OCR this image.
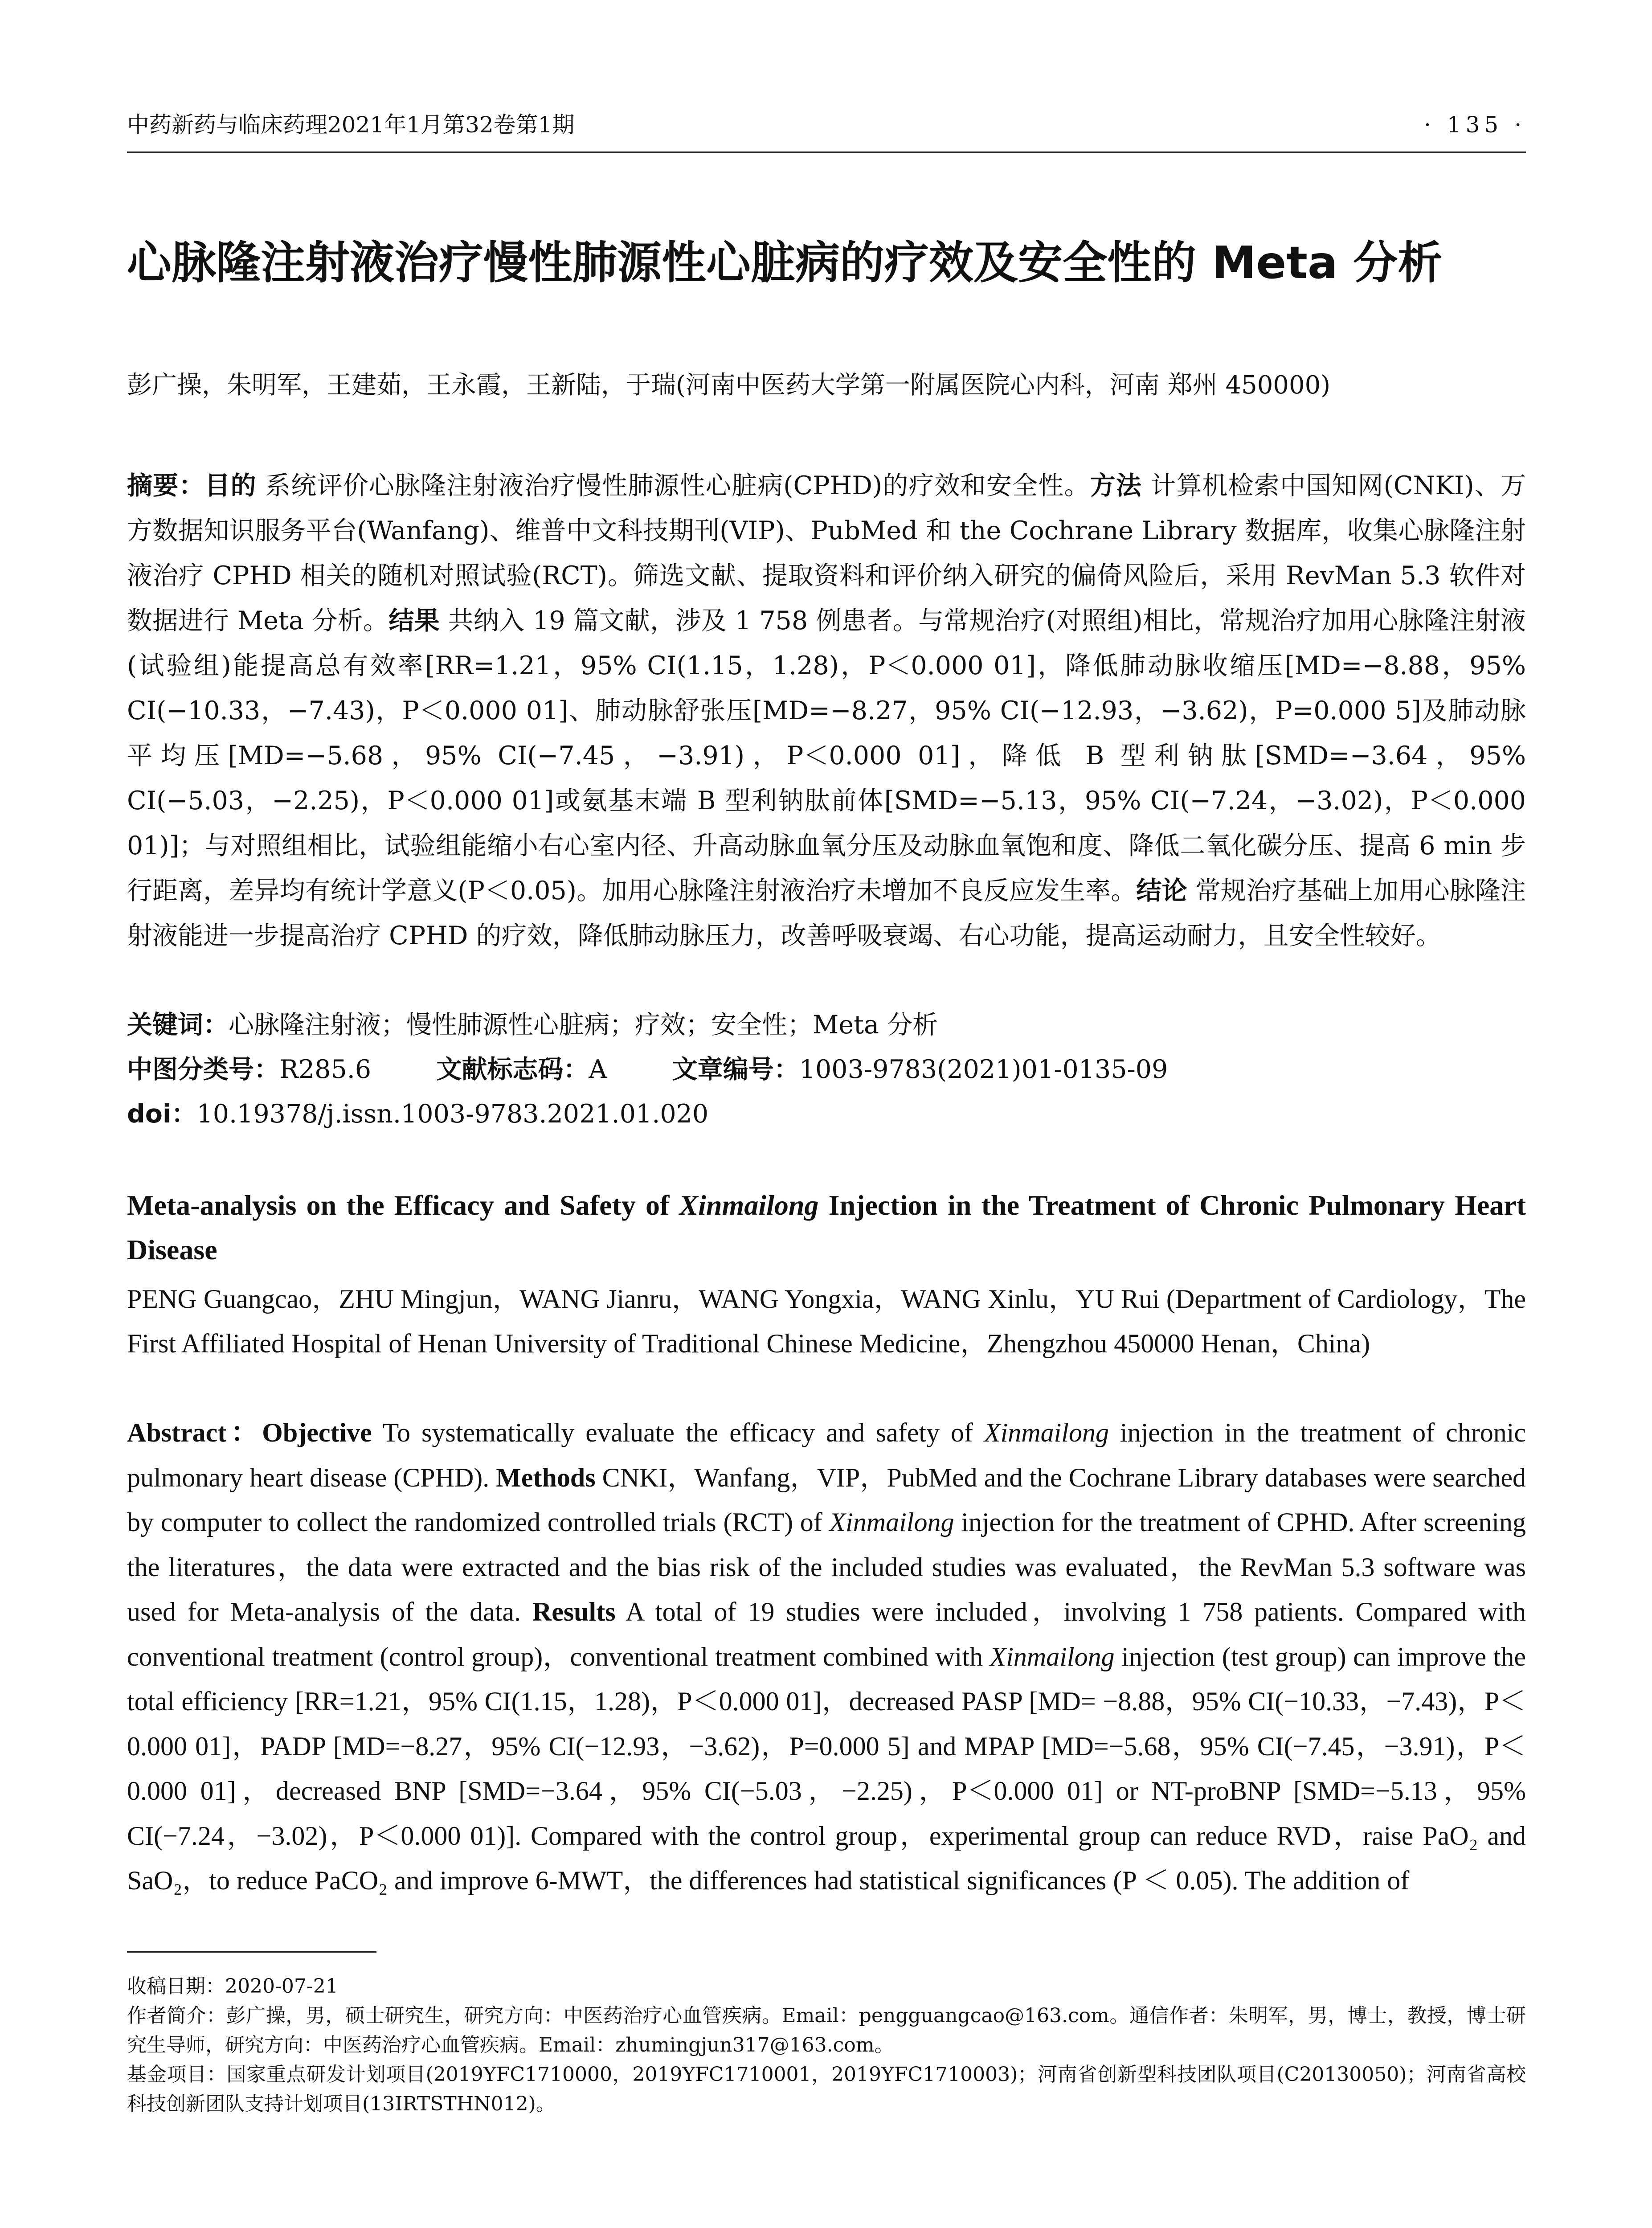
中药新药与临床药理2021年1月第32卷第1期	· 135 ·
心脉隆注射液治疗慢性肺源性心脏病的疗效及安全性的 Meta 分析
彭广操，朱明军，王建茹，王永霞，王新陆，于瑞(河南中医药大学第一附属医院心内科，河南 郑州 450000)
摘要：目的 系统评价心脉隆注射液治疗慢性肺源性心脏病(CPHD)的疗效和安全性。方法 计算机检索中国知网(CNKI)、万方数据知识服务平台(Wanfang)、维普中文科技期刊(VIP)、PubMed 和 the Cochrane Library 数据库，收集心脉隆注射液治疗 CPHD 相关的随机对照试验(RCT)。筛选文献、提取资料和评价纳入研究的偏倚风险后，采用 RevMan 5.3 软件对数据进行 Meta 分析。结果 共纳入 19 篇文献，涉及 1 758 例患者。与常规治疗(对照组)相比，常规治疗加用心脉隆注射液(试验组)能提高总有效率[RR=1.21，95% CI(1.15，1.28)，P＜0.000 01]，降低肺动脉收缩压[MD=−8.88，95% CI(−10.33，−7.43)，P＜0.000 01]、肺动脉舒张压[MD=−8.27，95% CI(−12.93，−3.62)，P=0.000 5]及肺动脉平均压[MD=−5.68，95% CI(−7.45，−3.91)，P＜0.000 01]，降低 B 型利钠肽[SMD=−3.64，95% CI(−5.03，−2.25)，P＜0.000 01]或氨基末端 B 型利钠肽前体[SMD=−5.13，95% CI(−7.24，−3.02)，P＜0.000 01)]；与对照组相比，试验组能缩小右心室内径、升高动脉血氧分压及动脉血氧饱和度、降低二氧化碳分压、提高 6 min 步行距离，差异均有统计学意义(P＜0.05)。加用心脉隆注射液治疗未增加不良反应发生率。结论 常规治疗基础上加用心脉隆注射液能进一步提高治疗 CPHD 的疗效，降低肺动脉压力，改善呼吸衰竭、右心功能，提高运动耐力，且安全性较好。
关键词：心脉隆注射液；慢性肺源性心脏病；疗效；安全性；Meta 分析
中图分类号：R285.6	文献标志码：A	文章编号：1003-9783(2021)01-0135-09
doi：10.19378/j.issn.1003-9783.2021.01.020
Meta-analysis on the Efficacy and Safety of Xinmailong Injection in the Treatment of Chronic Pulmonary Heart Disease
PENG Guangcao，ZHU Mingjun，WANG Jianru，WANG Yongxia，WANG Xinlu，YU Rui (Department of Cardiology，The First Affiliated Hospital of Henan University of Traditional Chinese Medicine，Zhengzhou 450000 Henan，China)
Abstract：Objective To systematically evaluate the efficacy and safety of Xinmailong injection in the treatment of chronic pulmonary heart disease (CPHD). Methods CNKI，Wanfang，VIP，PubMed and the Cochrane Library databases were searched by computer to collect the randomized controlled trials (RCT) of Xinmailong injection for the treatment of CPHD. After screening the literatures，the data were extracted and the bias risk of the included studies was evaluated，the RevMan 5.3 software was used for Meta-analysis of the data. Results A total of 19 studies were included，involving 1 758 patients. Compared with conventional treatment (control group)，conventional treatment combined with Xinmailong injection (test group) can improve the total efficiency [RR=1.21，95% CI(1.15，1.28)，P＜0.000 01]，decreased PASP [MD= −8.88，95% CI(−10.33，−7.43)，P＜0.000 01]，PADP [MD=−8.27，95% CI(−12.93，−3.62)，P=0.000 5] and MPAP [MD=−5.68，95% CI(−7.45，−3.91)，P＜0.000 01]，decreased BNP [SMD=−3.64，95% CI(−5.03，−2.25)，P＜0.000 01] or NT-proBNP [SMD=−5.13，95% CI(−7.24，−3.02)，P＜0.000 01)]. Compared with the control group，experimental group can reduce RVD，raise PaO₂ and SaO₂，to reduce PaCO₂ and improve 6-MWT，the differences had statistical significances (P ＜ 0.05). The addition of

收稿日期：2020-07-21

作者简介：彭广操，男，硕士研究生，研究方向：中医药治疗心血管疾病。Email：pengguangcao@163.com。通信作者：朱明军，男，博士，教授，博士研究生导师，研究方向：中医药治疗心血管疾病。Email：zhumingjun317@163.com。

基金项目：国家重点研发计划项目(2019YFC1710000，2019YFC1710001，2019YFC1710003)；河南省创新型科技团队项目(C20130050)；河南省高校科技创新团队支持计划项目(13IRTSTHN012)。
